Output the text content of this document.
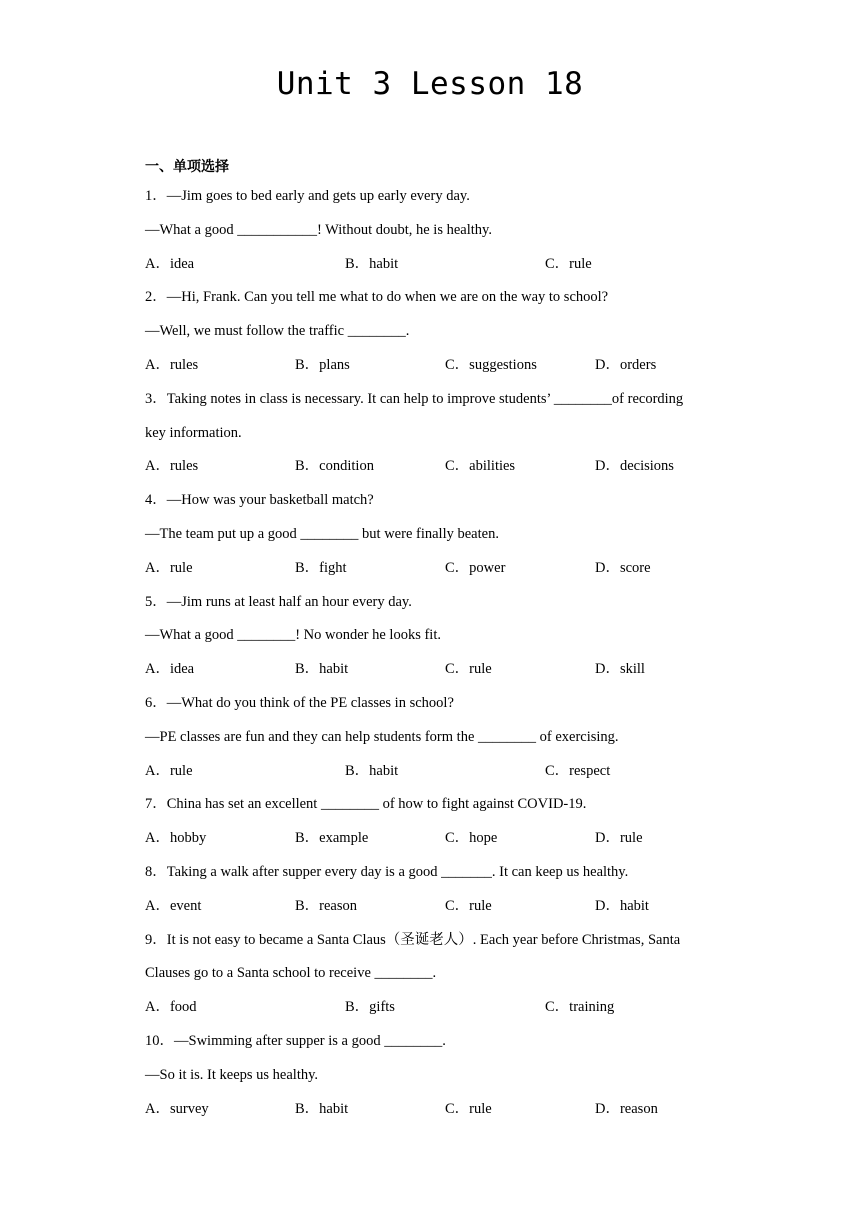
Unit 3 Lesson 18
一、单项选择
1．—Jim goes to bed early and gets up early every day.
—What a good ___________! Without doubt, he is healthy.
A．idea	B．habit	C．rule
2．—Hi, Frank. Can you tell me what to do when we are on the way to school?
—Well, we must follow the traffic ________.
A．rules	B．plans	C．suggestions	D．orders
3．Taking notes in class is necessary. It can help to improve students’ ________of recording
key information.
A．rules	B．condition	C．abilities	D．decisions
4．—How was your basketball match?
—The team put up a good ________ but were finally beaten.
A．rule	B．fight	C．power	D．score
5．—Jim runs at least half an hour every day.
—What a good ________! No wonder he looks fit.
A．idea	B．habit	C．rule	D．skill
6．—What do you think of the PE classes in school?
—PE classes are fun and they can help students form the ________ of exercising.
A．rule	B．habit	C．respect
7．China has set an excellent ________ of how to fight against COVID-19.
A．hobby	B．example	C．hope	D．rule
8．Taking a walk after supper every day is a good _______. It can keep us healthy.
A．event	B．reason	C．rule	D．habit
9．It is not easy to became a Santa Claus（圣诞老人）. Each year before Christmas, Santa
Clauses go to a Santa school to receive ________.
A．food	B．gifts	C．training
10．—Swimming after supper is a good ________.
—So it is. It keeps us healthy.
A．survey	B．habit	C．rule	D．reason
